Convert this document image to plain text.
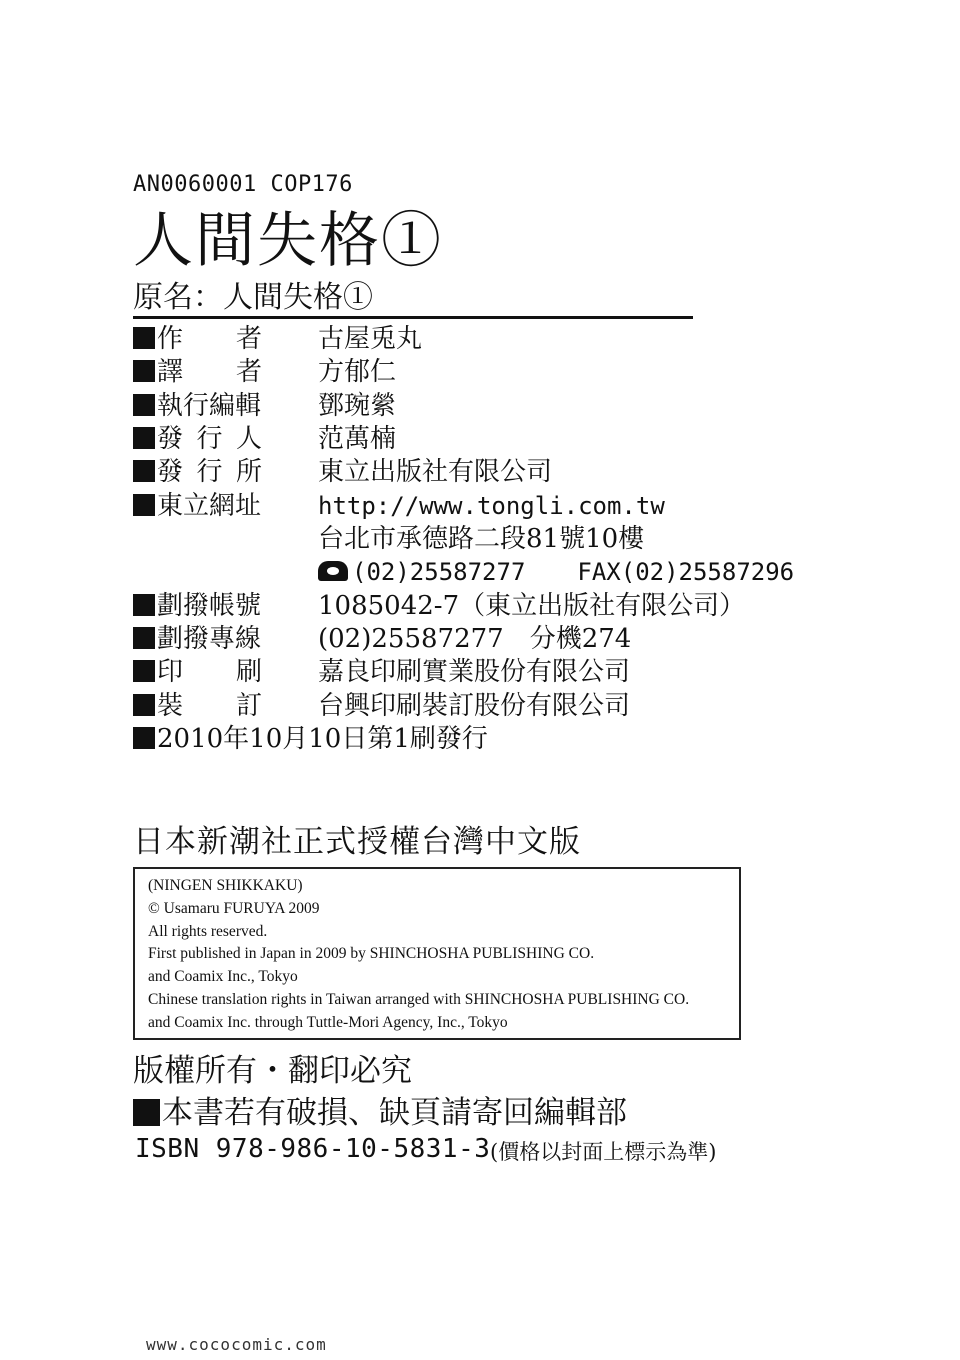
AN0060001 COP176
人間失格①
原名：人間失格①
作 者 古屋兎丸
譯 者 方郁仁
執行編輯	鄧琬縈
發 行 人 范萬楠
發 行 所 東立出版社有限公司
東立網址	http://www.tongli.com.tw
台北市承德路二段81號10樓
(02)25587277 FAX(02)25587296
劃撥帳號	1085042-7（東立出版社有限公司）
劃撥專線	(02)25587277　分機274
印 刷 嘉良印刷實業股份有限公司
裝 訂 台興印刷裝訂股份有限公司
2010年10月10日第1刷發行
日本新潮社正式授權台灣中文版
(NINGEN SHIKKAKU)
© Usamaru FURUYA 2009
All rights reserved.
First published in Japan in 2009 by SHINCHOSHA PUBLISHING CO.
and Coamix Inc., Tokyo
Chinese translation rights in Taiwan arranged with SHINCHOSHA PUBLISHING CO.
and Coamix Inc. through Tuttle-Mori Agency, Inc., Tokyo
版權所有・翻印必究
本書若有破損、缺頁請寄回編輯部
ISBN 978-986-10-5831-3 (價格以封面上標示為準)
www.cococomic.com
